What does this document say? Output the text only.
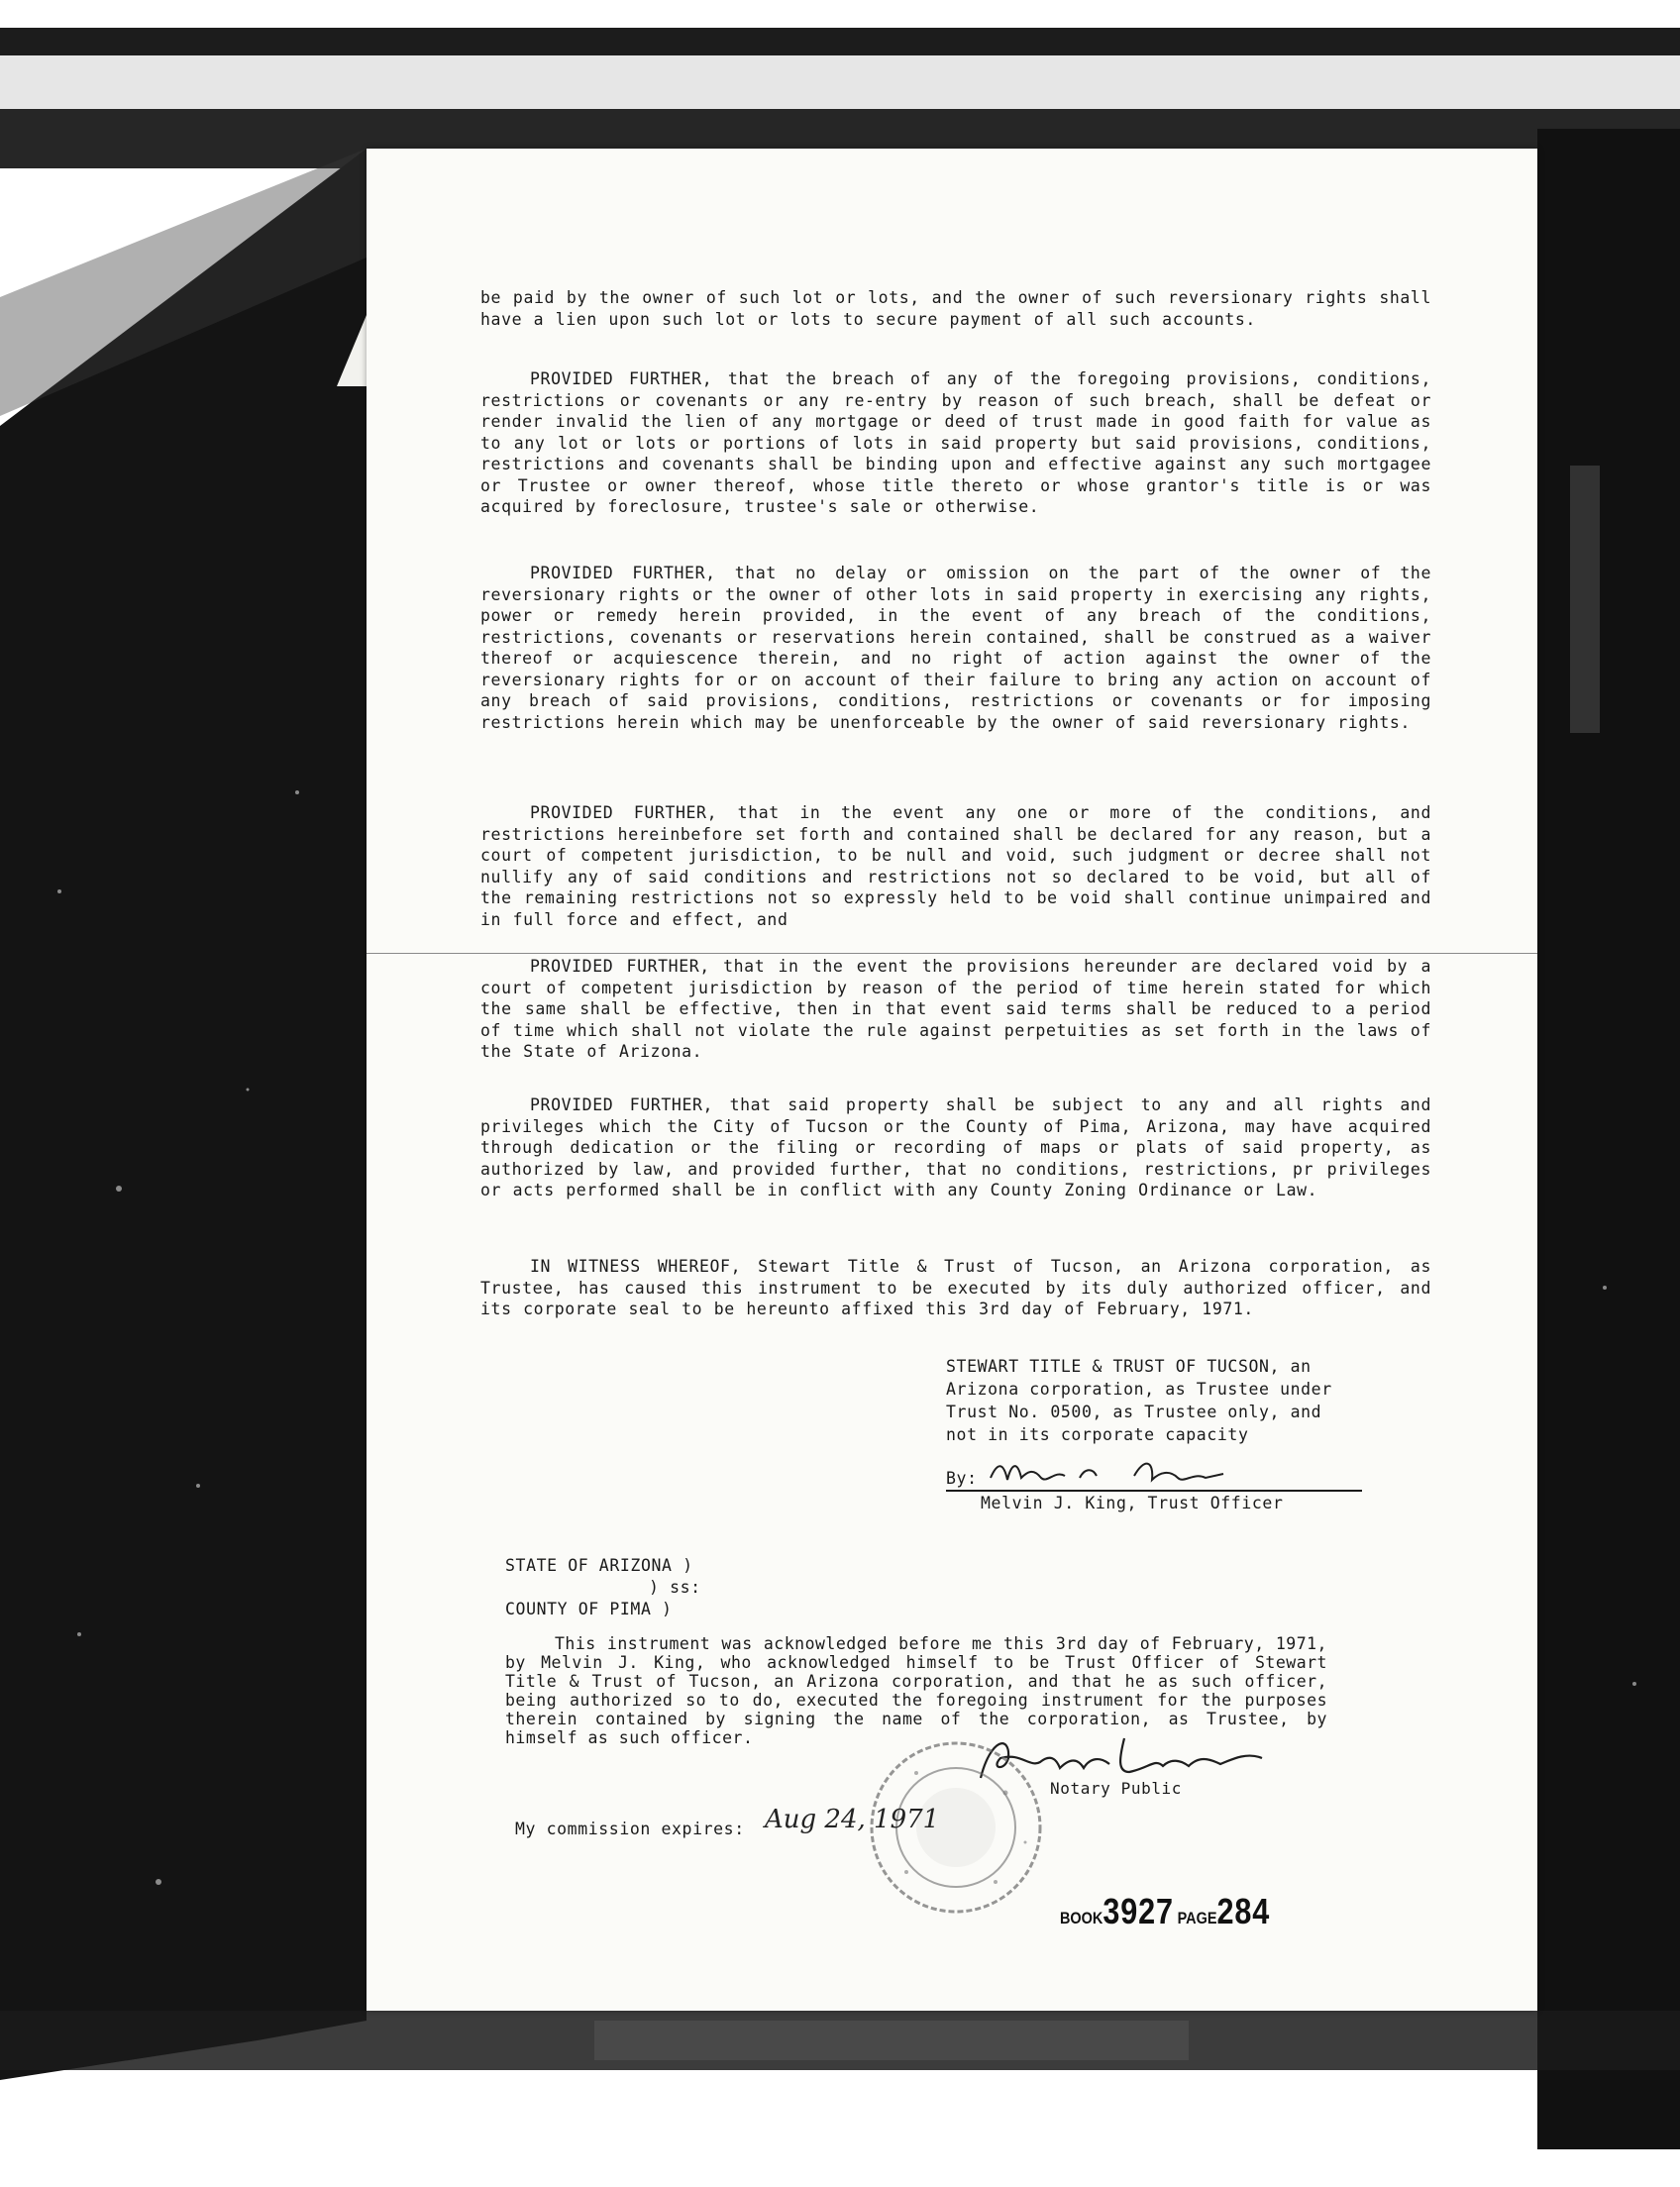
be paid by the owner of such lot or lots, and the owner of such reversionary rights shall have a lien upon such lot or lots to secure payment of all such accounts.
PROVIDED FURTHER, that the breach of any of the foregoing provisions, conditions, restrictions or covenants or any re-entry by reason of such breach, shall be defeat or render invalid the lien of any mortgage or deed of trust made in good faith for value as to any lot or lots or portions of lots in said property but said provisions, conditions, restrictions and covenants shall be binding upon and effective against any such mortgagee or Trustee or owner thereof, whose title thereto or whose grantor's title is or was acquired by foreclosure, trustee's sale or otherwise.
PROVIDED FURTHER, that no delay or omission on the part of the owner of the reversionary rights or the owner of other lots in said property in exercising any rights, power or remedy herein provided, in the event of any breach of the conditions, restrictions, covenants or reservations herein contained, shall be construed as a waiver thereof or acquiescence therein, and no right of action against the owner of the reversionary rights for or on account of their failure to bring any action on account of any breach of said provisions, conditions, restrictions or covenants or for imposing restrictions herein which may be unenforceable by the owner of said reversionary rights.
PROVIDED FURTHER, that in the event any one or more of the conditions, and restrictions hereinbefore set forth and contained shall be declared for any reason, but a court of competent jurisdiction, to be null and void, such judgment or decree shall not nullify any of said conditions and restrictions not so declared to be void, but all of the remaining restrictions not so expressly held to be void shall continue unimpaired and in full force and effect, and
PROVIDED FURTHER, that in the event the provisions hereunder are declared void by a court of competent jurisdiction by reason of the period of time herein stated for which the same shall be effective, then in that event said terms shall be reduced to a period of time which shall not violate the rule against perpetuities as set forth in the laws of the State of Arizona.
PROVIDED FURTHER, that said property shall be subject to any and all rights and privileges which the City of Tucson or the County of Pima, Arizona, may have acquired through dedication or the filing or recording of maps or plats of said property, as authorized by law, and provided further, that no conditions, restrictions, pr privileges or acts performed shall be in conflict with any County Zoning Ordinance or Law.
IN WITNESS WHEREOF, Stewart Title & Trust of Tucson, an Arizona corporation, as Trustee, has caused this instrument to be executed by its duly authorized officer, and its corporate seal to be hereunto affixed this 3rd day of February, 1971.
STEWART TITLE & TRUST OF TUCSON, an
Arizona corporation, as Trustee under
Trust No. 0500, as Trustee only, and
not in its corporate capacity
By:
Melvin J. King, Trust Officer
STATE OF ARIZONA )
) ss:
COUNTY OF PIMA )
This instrument was acknowledged before me this 3rd day of February, 1971, by Melvin J. King, who acknowledged himself to be Trust Officer of Stewart Title & Trust of Tucson, an Arizona corporation, and that he as such officer, being authorized so to do, executed the foregoing instrument for the purposes therein contained by signing the name of the corporation, as Trustee, by himself as such officer.
Notary Public
My commission expires: Aug 24, 1971
BOOK3927 PAGE284
